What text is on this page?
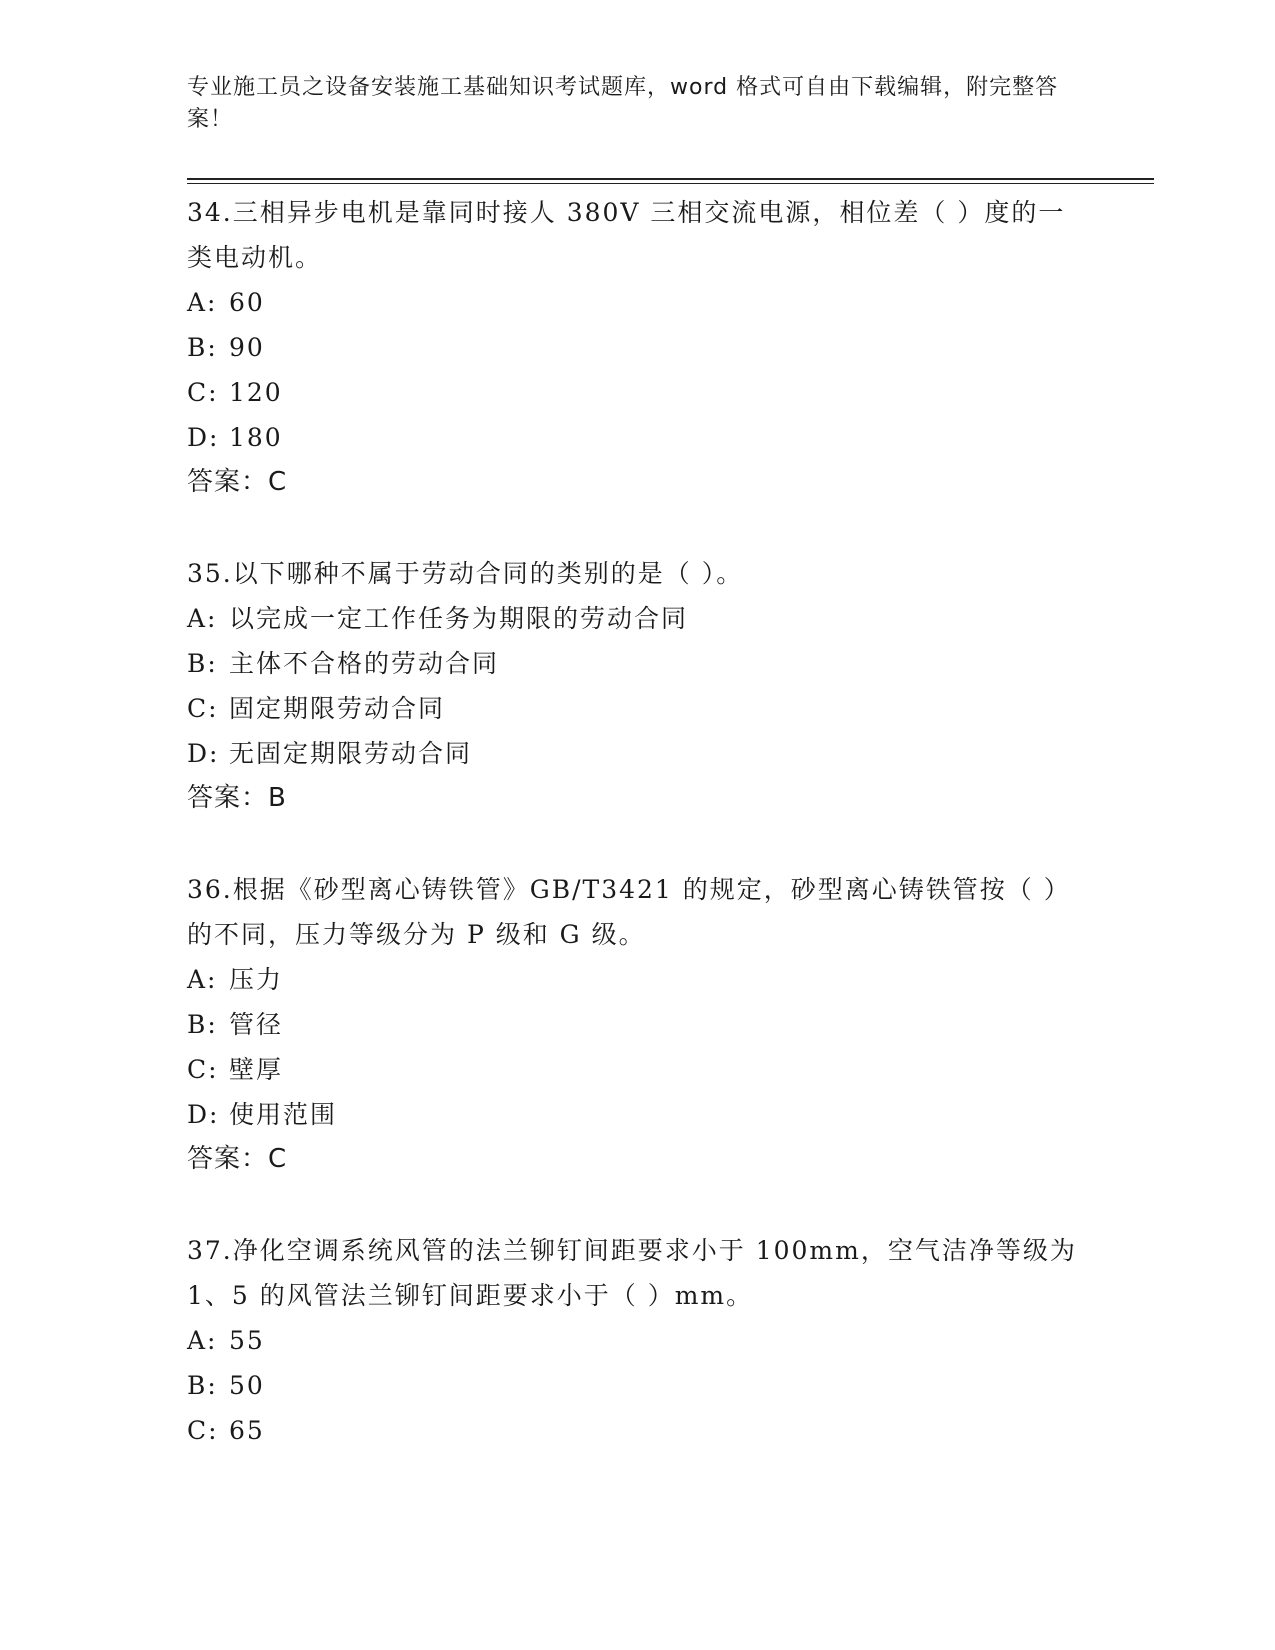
专业施工员之设备安装施工基础知识考试题库，word 格式可自由下载编辑，附完整答案！

34.三相异步电机是靠同时接人 380V 三相交流电源，相位差（ ）度的一类电动机。

A: 60

B: 90

C: 120

D: 180

答案：C

35.以下哪种不属于劳动合同的类别的是（ ）。

A: 以完成一定工作任务为期限的劳动合同

B: 主体不合格的劳动合同

C: 固定期限劳动合同

D: 无固定期限劳动合同

答案：B

36.根据《砂型离心铸铁管》GB/T3421 的规定，砂型离心铸铁管按（ ）的不同，压力等级分为 P 级和 G 级。

A: 压力

B: 管径

C: 壁厚

D: 使用范围

答案：C

37.净化空调系统风管的法兰铆钉间距要求小于 100mm，空气洁净等级为 1、5 的风管法兰铆钉间距要求小于（ ）mm。

A: 55

B: 50

C: 65
